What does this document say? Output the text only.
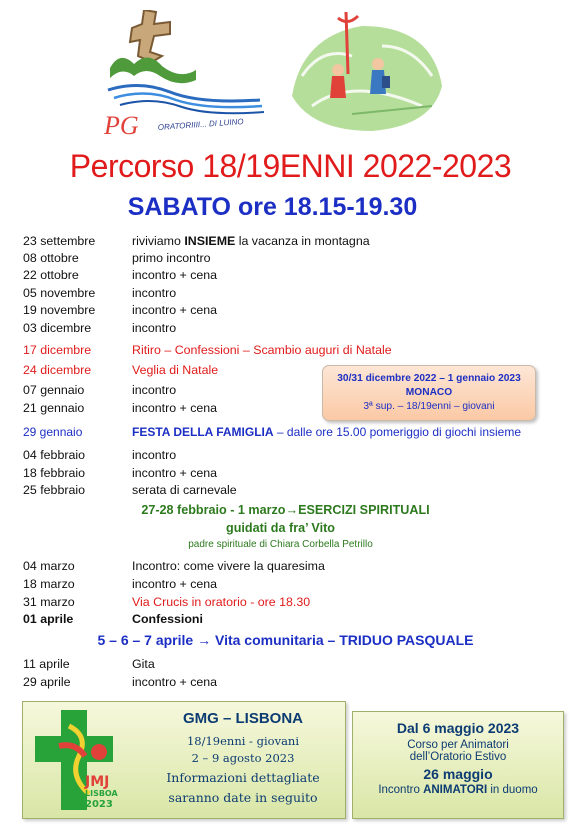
PG ORATORIIII... DI LUINO
Percorso 18/19ENNI 2022-2023
SABATO ore 18.15-19.30
23 settembre	riviviamo INSIEME la vacanza in montagna
08 ottobre	primo incontro
22 ottobre	incontro + cena
05 novembre	incontro
19 novembre	incontro + cena
03 dicembre	incontro
17 dicembre	Ritiro – Confessioni – Scambio auguri di Natale
24 dicembre	Veglia di Natale
07 gennaio	incontro
21 gennaio	incontro + cena
30/31 dicembre 2022 – 1 gennaio 2023
MONACO
3ª sup. – 18/19enni – giovani
29 gennaio	FESTA DELLA FAMIGLIA – dalle ore 15.00 pomeriggio di giochi insieme
04 febbraio	incontro
18 febbraio	incontro + cena
25 febbraio	serata di carnevale
27-28 febbraio - 1 marzo→ESERCIZI SPIRITUALI
guidati da fra’ Vito
padre spirituale di Chiara Corbella Petrillo
04 marzo	Incontro: come vivere la quaresima
18 marzo	incontro + cena
31 marzo	Via Crucis in oratorio - ore 18.30
01 aprile	Confessioni
5 – 6 – 7 aprile → Vita comunitaria – TRIDUO PASQUALE
11 aprile	Gita
29 aprile	incontro + cena
JMJ
LISBOA
2023
GMG – LISBONA
18/19enni - giovani
2 – 9 agosto 2023
Informazioni dettagliate
saranno date in seguito
Dal 6 maggio 2023
Corso per Animatori
dell’Oratorio Estivo
26 maggio
Incontro ANIMATORI in duomo
